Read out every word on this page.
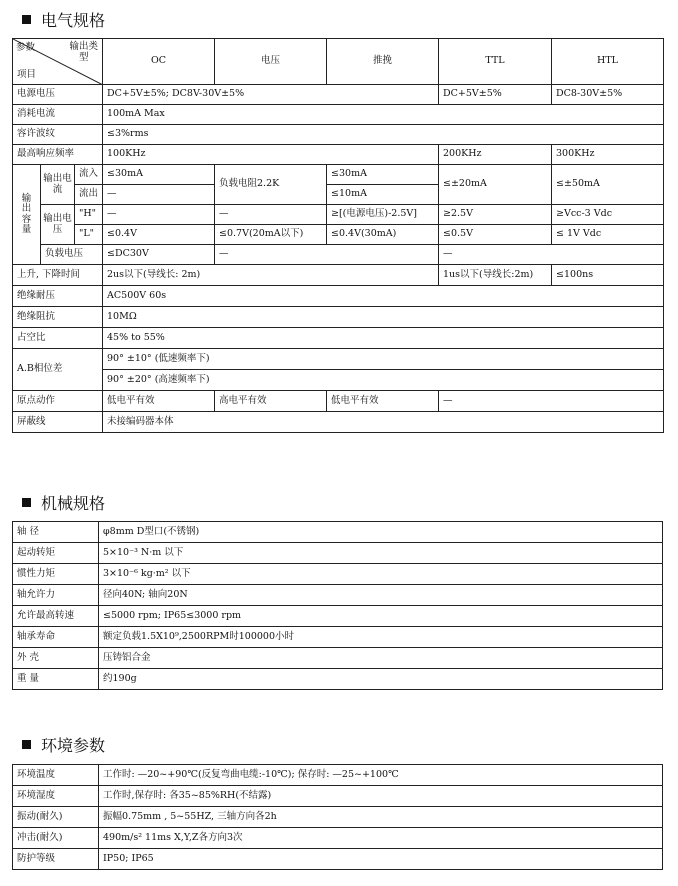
电气规格
参数 输出类
型
项目			OC	电压	推挽	TTL	HTL
电源电压			DC+5V±5%; DC8V-30V±5%			DC+5V±5%	DC8-30V±5%
消耗电流			100mA Max				
容许波纹			≤3%rms				
最高响应频率			100KHz			200KHz	300KHz
输
出
容
量	输出电流	流入	≤30mA	负载电阻2.2K	≤30mA	≤±20mA	≤±50mA
		流出	—		≤10mA		
	输出电压	"H"	—	—	≥[(电源电压)-2.5V]	≥2.5V	≥Vcc-3 Vdc
		"L"	≤0.4V	≤0.7V(20mA以下)	≤0.4V(30mA)	≤0.5V	≤ 1V Vdc
	负载电压		≤DC30V	—		—	
上升, 下降时间			2us以下(导线长: 2m)			1us以下(导线长:2m)	≤100ns
绝缘耐压			AC500V 60s				
绝缘阻抗			10MΩ				
占空比			45% to 55%				
A.B相位差			90° ±10° (低速频率下)				
			90° ±20° (高速频率下)				
原点动作			低电平有效	高电平有效	低电平有效	—	
屏蔽线			未接编码器本体				
机械规格
轴 径	φ8mm D型口(不锈钢)
起动转矩	5×10⁻³ N·m 以下
惯性力矩	3×10⁻⁶ kg·m² 以下
轴允许力	径向40N; 轴向20N
允许最高转速	≤5000 rpm; IP65≤3000 rpm
轴承寿命	额定负载1.5X10⁹,2500RPM时100000小时
外 壳	压铸铝合金
重 量	约190g
环境参数
环境温度	工作时: —20~+90℃(反复弯曲电缆:-10℃); 保存时: —25~+100℃
环境湿度	工作时,保存时: 各35~85%RH(不结露)
振动(耐久)	振幅0.75mm , 5~55HZ, 三轴方向各2h
冲击(耐久)	490m/s² 11ms X,Y,Z各方向3次
防护等级	IP50; IP65
